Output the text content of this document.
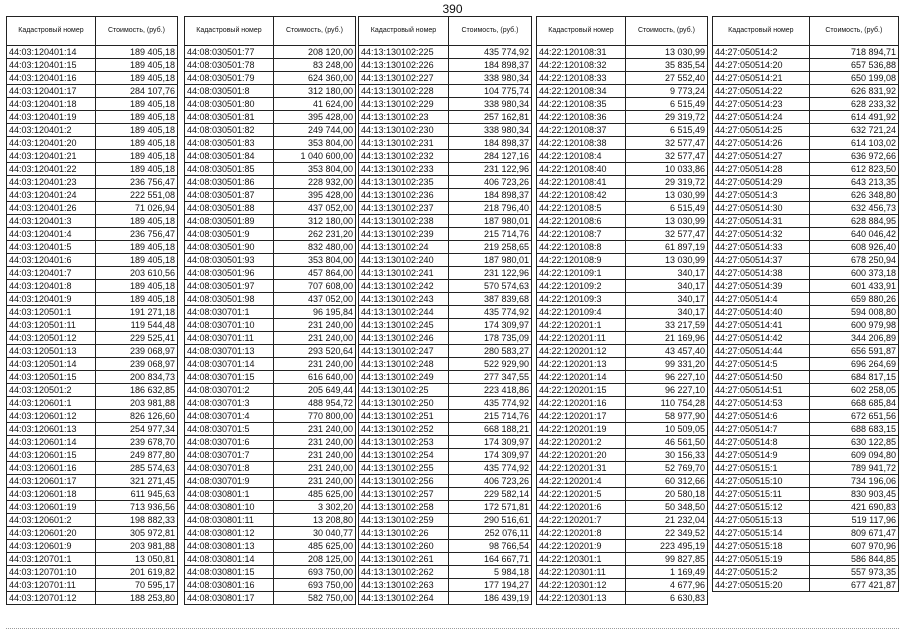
390
Кадастровый номер	Стоимость, (руб.)
44:03:120401:14	189 405,18
44:03:120401:15	189 405,18
44:03:120401:16	189 405,18
44:03:120401:17	284 107,76
44:03:120401:18	189 405,18
44:03:120401:19	189 405,18
44:03:120401:2	189 405,18
44:03:120401:20	189 405,18
44:03:120401:21	189 405,18
44:03:120401:22	189 405,18
44:03:120401:23	236 756,47
44:03:120401:24	222 551,08
44:03:120401:26	71 026,94
44:03:120401:3	189 405,18
44:03:120401:4	236 756,47
44:03:120401:5	189 405,18
44:03:120401:6	189 405,18
44:03:120401:7	203 610,56
44:03:120401:8	189 405,18
44:03:120401:9	189 405,18
44:03:120501:1	191 271,18
44:03:120501:11	119 544,48
44:03:120501:12	229 525,41
44:03:120501:13	239 068,97
44:03:120501:14	239 068,97
44:03:120501:15	200 834,73
44:03:120501:2	186 632,85
44:03:120601:1	203 981,88
44:03:120601:12	826 126,60
44:03:120601:13	254 977,34
44:03:120601:14	239 678,70
44:03:120601:15	249 877,80
44:03:120601:16	285 574,63
44:03:120601:17	321 271,45
44:03:120601:18	611 945,63
44:03:120601:19	713 936,56
44:03:120601:2	198 882,33
44:03:120601:20	305 972,81
44:03:120601:9	203 981,88
44:03:120701:1	13 050,81
44:03:120701:10	201 619,82
44:03:120701:11	70 595,17
44:03:120701:12	188 253,80
Кадастровый номер	Стоимость, (руб.)
44:08:030501:77	208 120,00
44:08:030501:78	83 248,00
44:08:030501:79	624 360,00
44:08:030501:8	312 180,00
44:08:030501:80	41 624,00
44:08:030501:81	395 428,00
44:08:030501:82	249 744,00
44:08:030501:83	353 804,00
44:08:030501:84	1 040 600,00
44:08:030501:85	353 804,00
44:08:030501:86	228 932,00
44:08:030501:87	395 428,00
44:08:030501:88	437 052,00
44:08:030501:89	312 180,00
44:08:030501:9	262 231,20
44:08:030501:90	832 480,00
44:08:030501:93	353 804,00
44:08:030501:96	457 864,00
44:08:030501:97	707 608,00
44:08:030501:98	437 052,00
44:08:030701:1	96 195,84
44:08:030701:10	231 240,00
44:08:030701:11	231 240,00
44:08:030701:13	293 520,64
44:08:030701:14	231 240,00
44:08:030701:15	616 640,00
44:08:030701:2	205 649,44
44:08:030701:3	488 954,72
44:08:030701:4	770 800,00
44:08:030701:5	231 240,00
44:08:030701:6	231 240,00
44:08:030701:7	231 240,00
44:08:030701:8	231 240,00
44:08:030701:9	231 240,00
44:08:030801:1	485 625,00
44:08:030801:10	3 302,20
44:08:030801:11	13 208,80
44:08:030801:12	30 040,77
44:08:030801:13	485 625,00
44:08:030801:14	208 125,00
44:08:030801:15	693 750,00
44:08:030801:16	693 750,00
44:08:030801:17	582 750,00
Кадастровый номер	Стоимость, (руб.)
44:13:130102:225	435 774,92
44:13:130102:226	184 898,37
44:13:130102:227	338 980,34
44:13:130102:228	104 775,74
44:13:130102:229	338 980,34
44:13:130102:23	257 162,81
44:13:130102:230	338 980,34
44:13:130102:231	184 898,37
44:13:130102:232	284 127,16
44:13:130102:233	231 122,96
44:13:130102:235	406 723,26
44:13:130102:236	184 898,37
44:13:130102:237	218 796,40
44:13:130102:238	187 980,01
44:13:130102:239	215 714,76
44:13:130102:24	219 258,65
44:13:130102:240	187 980,01
44:13:130102:241	231 122,96
44:13:130102:242	570 574,63
44:13:130102:243	387 839,68
44:13:130102:244	435 774,92
44:13:130102:245	174 309,97
44:13:130102:246	178 735,09
44:13:130102:247	280 583,27
44:13:130102:248	522 929,90
44:13:130102:249	277 347,55
44:13:130102:25	223 418,86
44:13:130102:250	435 774,92
44:13:130102:251	215 714,76
44:13:130102:252	668 188,21
44:13:130102:253	174 309,97
44:13:130102:254	174 309,97
44:13:130102:255	435 774,92
44:13:130102:256	406 723,26
44:13:130102:257	229 582,14
44:13:130102:258	172 571,81
44:13:130102:259	290 516,61
44:13:130102:26	252 076,11
44:13:130102:260	98 766,54
44:13:130102:261	164 667,71
44:13:130102:262	5 984,18
44:13:130102:263	177 194,27
44:13:130102:264	186 439,19
Кадастровый номер	Стоимость, (руб.)
44:22:120108:31	13 030,99
44:22:120108:32	35 835,54
44:22:120108:33	27 552,40
44:22:120108:34	9 773,24
44:22:120108:35	6 515,49
44:22:120108:36	29 319,72
44:22:120108:37	6 515,49
44:22:120108:38	32 577,47
44:22:120108:4	32 577,47
44:22:120108:40	10 033,86
44:22:120108:41	29 319,72
44:22:120108:42	13 030,99
44:22:120108:5	6 515,49
44:22:120108:6	13 030,99
44:22:120108:7	32 577,47
44:22:120108:8	61 897,19
44:22:120108:9	13 030,99
44:22:120109:1	340,17
44:22:120109:2	340,17
44:22:120109:3	340,17
44:22:120109:4	340,17
44:22:120201:1	33 217,59
44:22:120201:11	21 169,96
44:22:120201:12	43 457,40
44:22:120201:13	99 331,20
44:22:120201:14	96 227,10
44:22:120201:15	96 227,10
44:22:120201:16	110 754,28
44:22:120201:17	58 977,90
44:22:120201:19	10 509,05
44:22:120201:2	46 561,50
44:22:120201:20	30 156,33
44:22:120201:31	52 769,70
44:22:120201:4	60 312,66
44:22:120201:5	20 580,18
44:22:120201:6	50 348,50
44:22:120201:7	21 232,04
44:22:120201:8	22 349,52
44:22:120201:9	223 495,19
44:22:120301:1	99 827,85
44:22:120301:11	1 169,49
44:22:120301:12	4 677,96
44:22:120301:13	6 630,83
Кадастровый номер	Стоимость, (руб.)
44:27:050514:2	718 894,71
44:27:050514:20	657 536,88
44:27:050514:21	650 199,08
44:27:050514:22	626 831,92
44:27:050514:23	628 233,32
44:27:050514:24	614 491,92
44:27:050514:25	632 721,24
44:27:050514:26	614 103,02
44:27:050514:27	636 972,66
44:27:050514:28	612 823,50
44:27:050514:29	643 213,35
44:27:050514:3	626 348,80
44:27:050514:30	632 456,73
44:27:050514:31	628 884,95
44:27:050514:32	640 046,42
44:27:050514:33	608 926,40
44:27:050514:37	678 250,94
44:27:050514:38	600 373,18
44:27:050514:39	601 433,91
44:27:050514:4	659 880,26
44:27:050514:40	594 008,80
44:27:050514:41	600 979,98
44:27:050514:42	344 206,89
44:27:050514:44	656 591,87
44:27:050514:5	696 264,69
44:27:050514:50	684 817,15
44:27:050514:51	602 258,05
44:27:050514:53	668 685,84
44:27:050514:6	672 651,56
44:27:050514:7	688 683,15
44:27:050514:8	630 122,85
44:27:050514:9	609 094,80
44:27:050515:1	789 941,72
44:27:050515:10	734 196,06
44:27:050515:11	830 903,45
44:27:050515:12	421 690,83
44:27:050515:13	519 117,96
44:27:050515:14	809 671,47
44:27:050515:18	607 970,96
44:27:050515:19	586 844,85
44:27:050515:2	557 973,35
44:27:050515:20	677 421,87
